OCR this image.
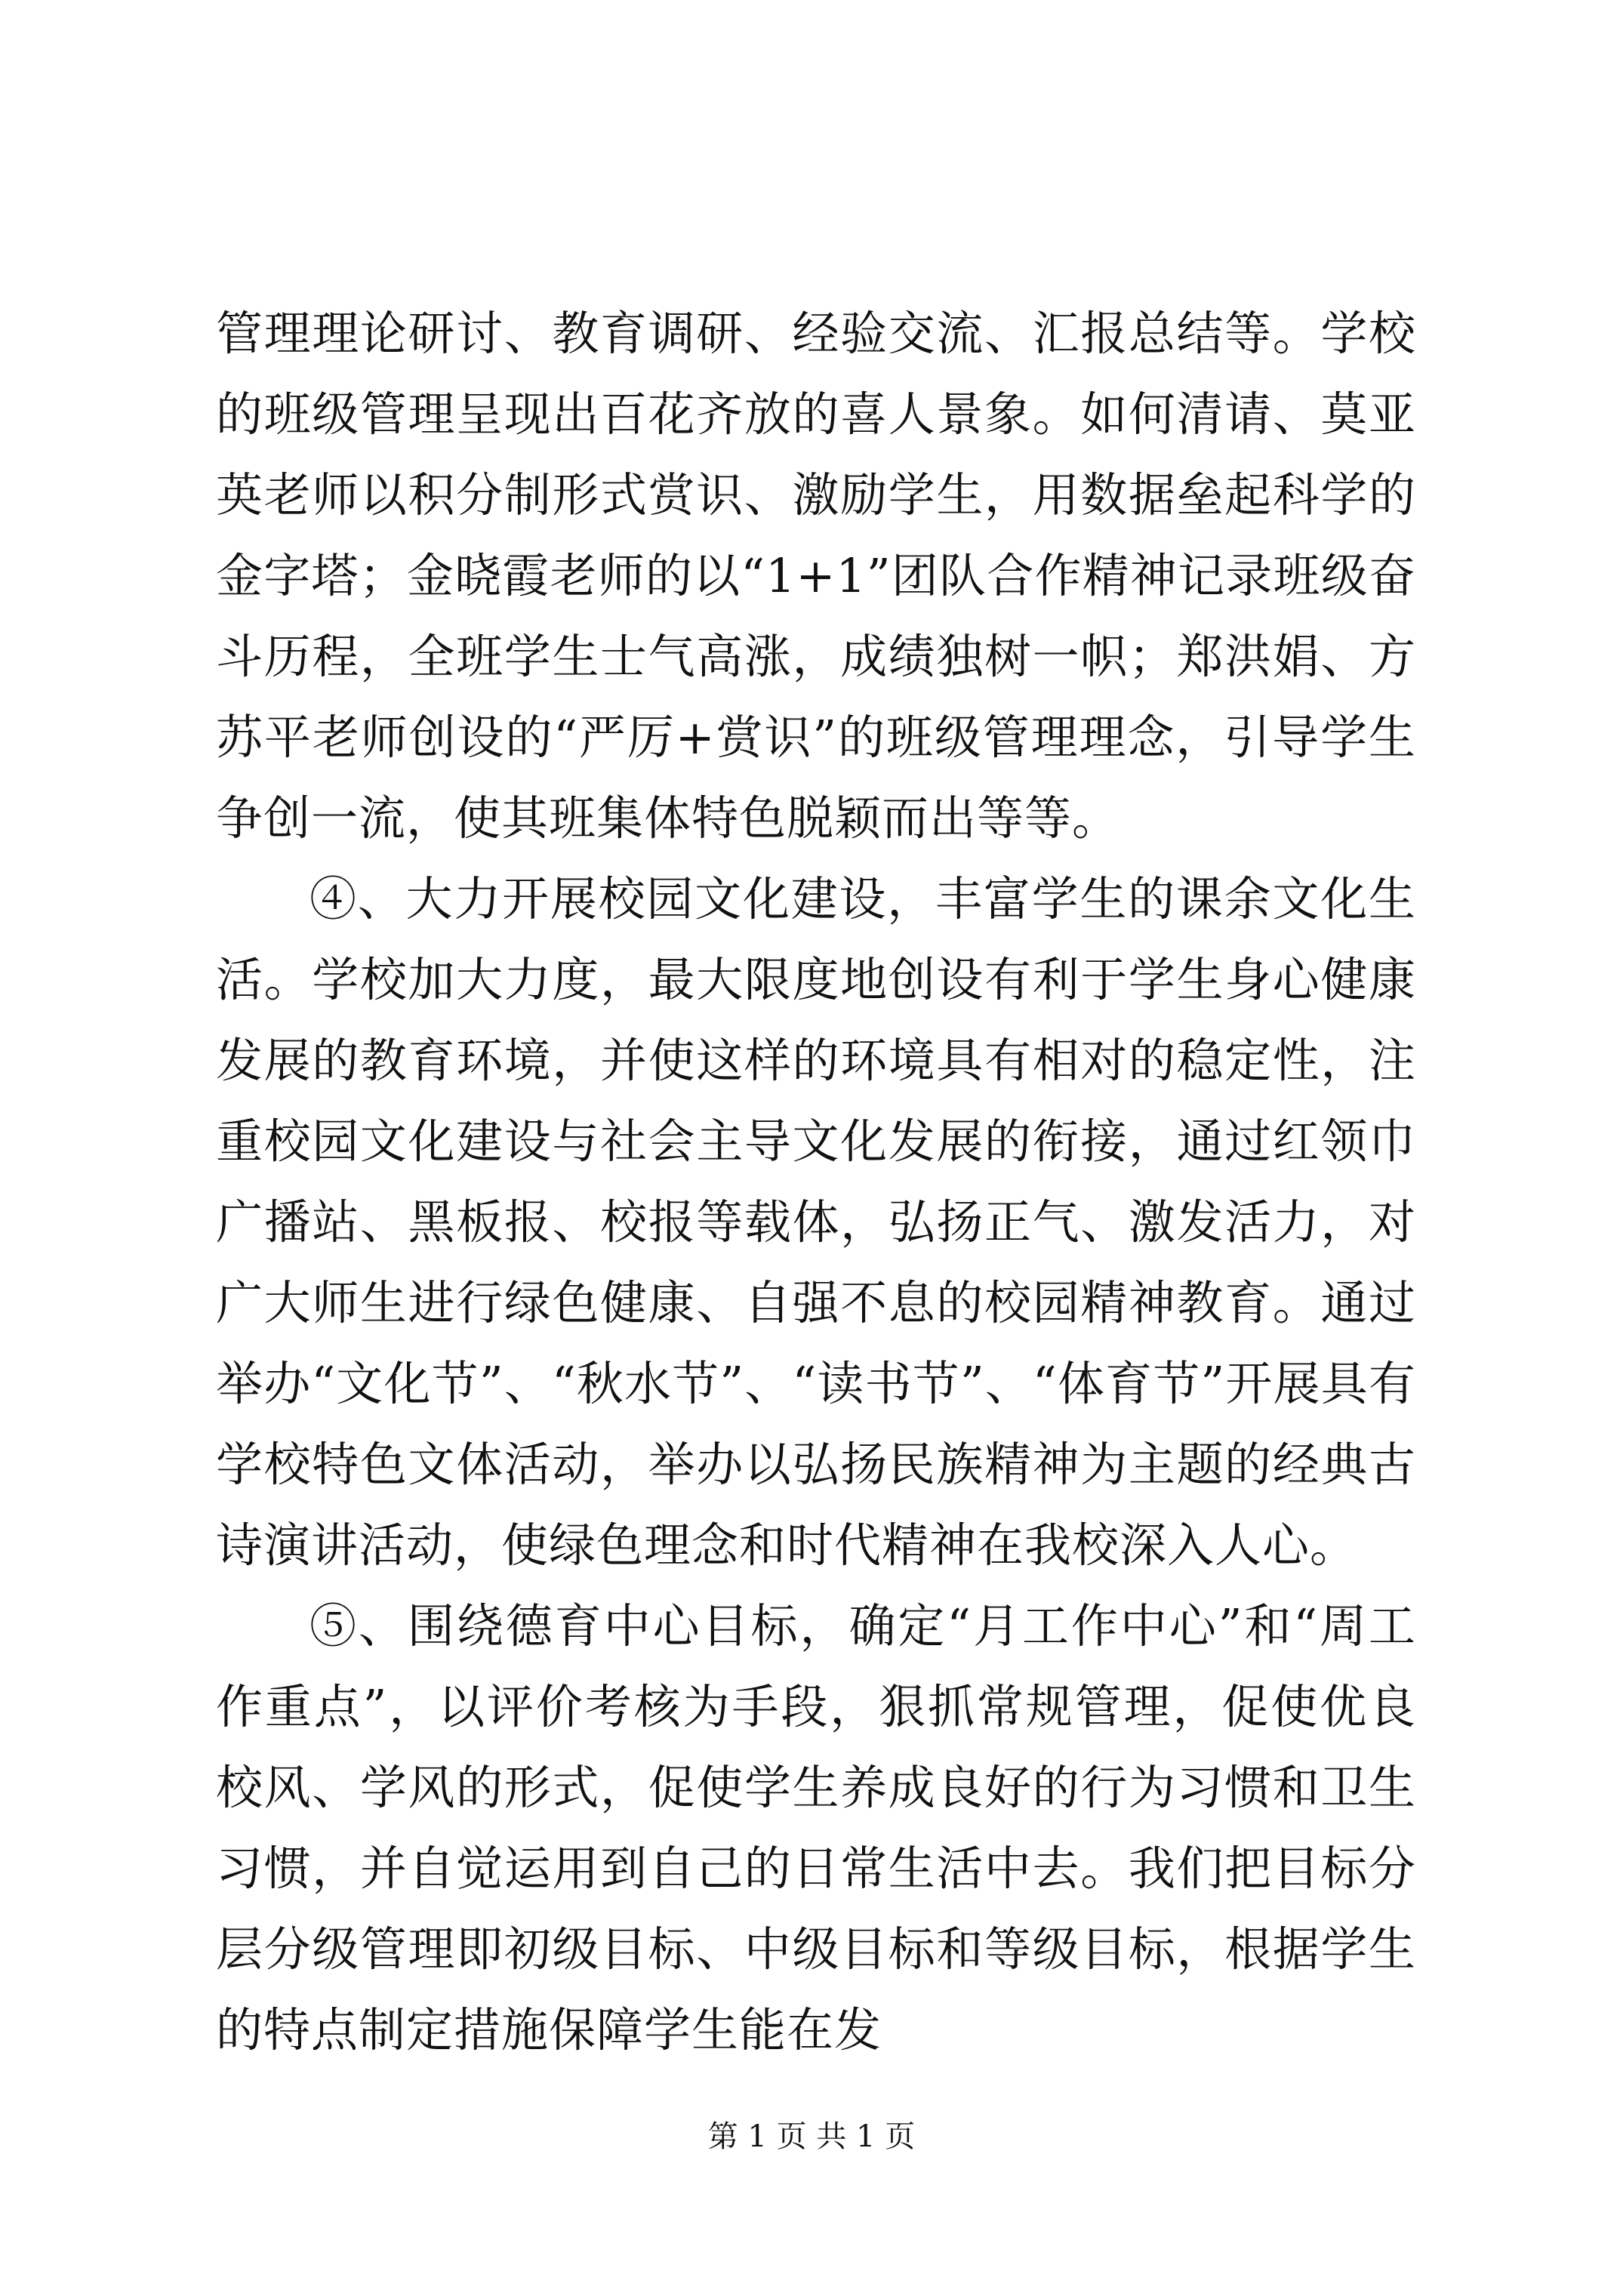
管理理论研讨、教育调研、经验交流、汇报总结等。学校的班级管理呈现出百花齐放的喜人景象。如何清请、莫亚英老师以积分制形式赏识、激励学生，用数据垒起科学的金字塔；金晓霞老师的以“1+1”团队合作精神记录班级奋斗历程，全班学生士气高涨，成绩独树一帜；郑洪娟、方苏平老师创设的“严厉+赏识”的班级管理理念，引导学生争创一流，使其班集体特色脱颖而出等等。

④、大力开展校园文化建设，丰富学生的课余文化生活。学校加大力度，最大限度地创设有利于学生身心健康发展的教育环境，并使这样的环境具有相对的稳定性，注重校园文化建设与社会主导文化发展的衔接，通过红领巾广播站、黑板报、校报等载体，弘扬正气、激发活力，对广大师生进行绿色健康、自强不息的校园精神教育。通过举办“文化节”、“秋水节”、“读书节”、“体育节”开展具有学校特色文体活动，举办以弘扬民族精神为主题的经典古诗演讲活动，使绿色理念和时代精神在我校深入人心。

⑤、围绕德育中心目标，确定“月工作中心”和“周工作重点”，以评价考核为手段，狠抓常规管理，促使优良校风、学风的形式，促使学生养成良好的行为习惯和卫生习惯，并自觉运用到自己的日常生活中去。我们把目标分层分级管理即初级目标、中级目标和等级目标，根据学生的特点制定措施保障学生能在发

第 1 页 共 1 页
